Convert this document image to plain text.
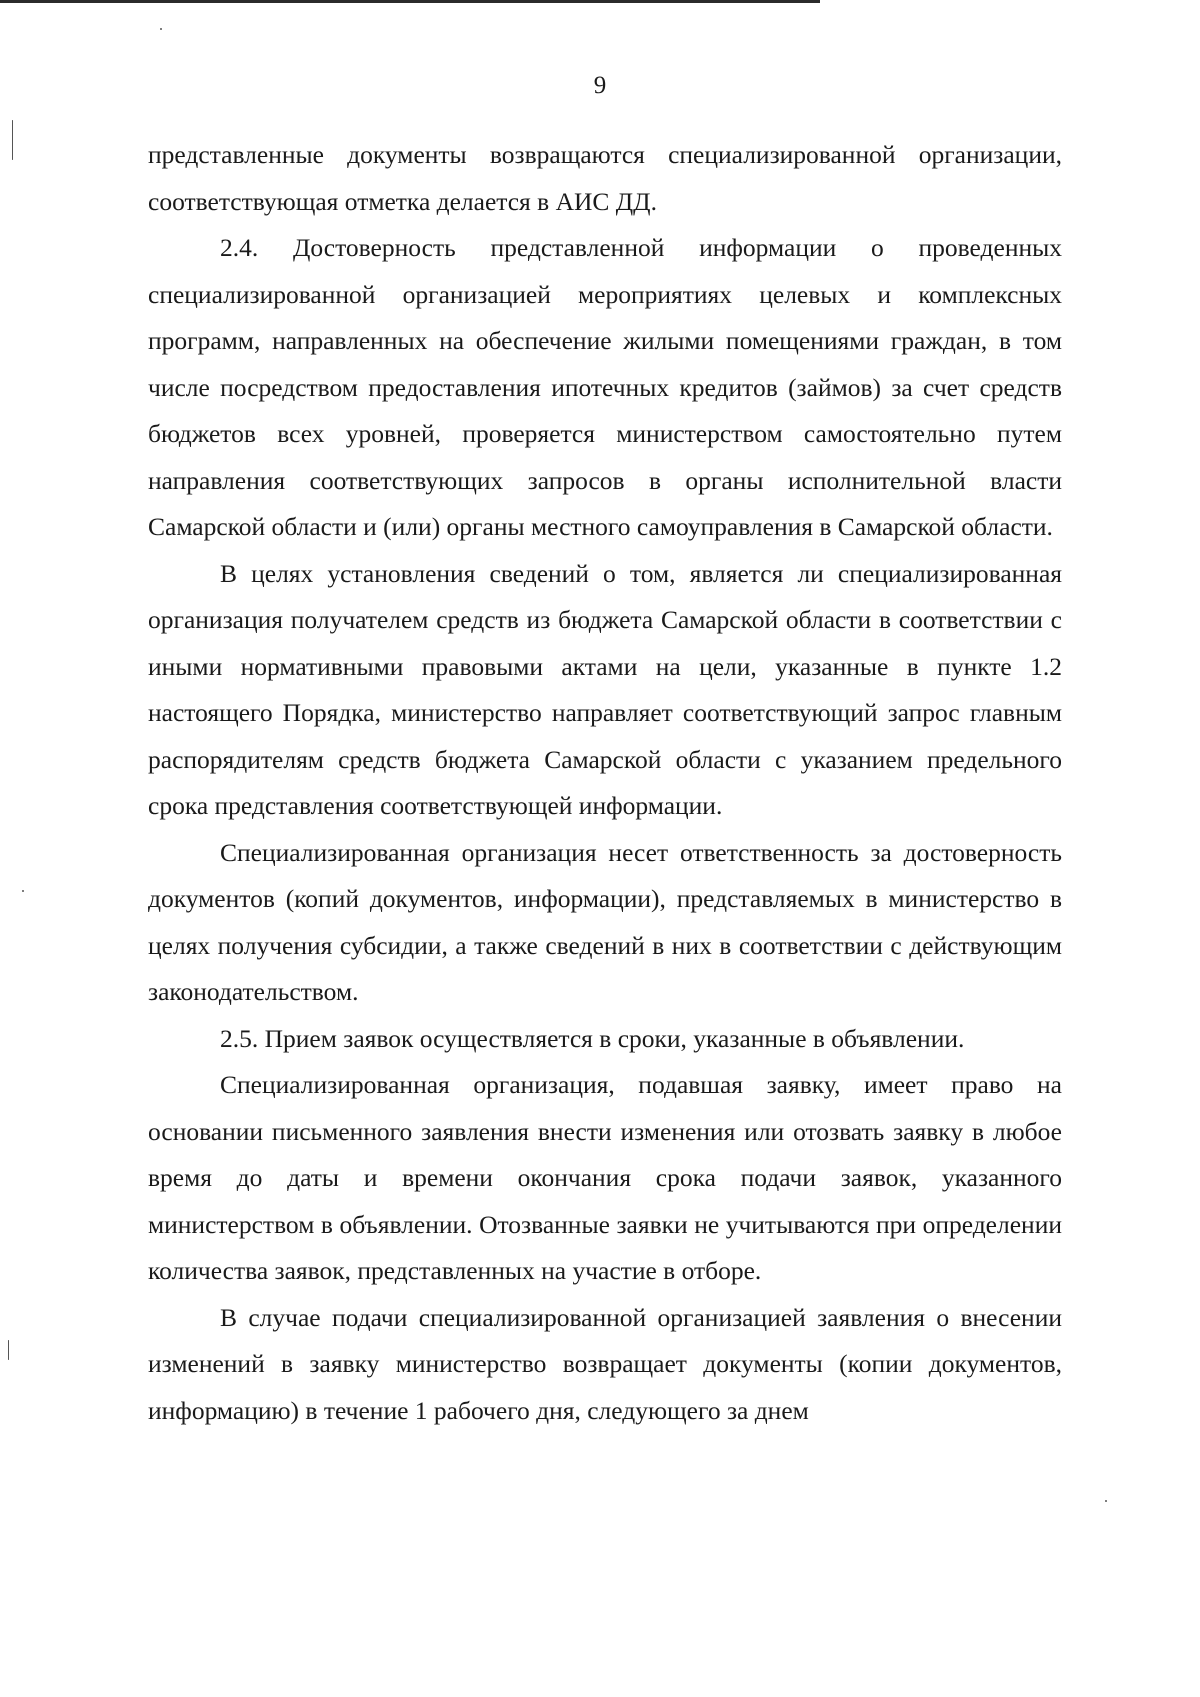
9

представленные документы возвращаются специализированной организации, соответствующая отметка делается в АИС ДД.

2.4. Достоверность представленной информации о проведенных специализированной организацией мероприятиях целевых и комплексных программ, направленных на обеспечение жилыми помещениями граждан, в том числе посредством предоставления ипотечных кредитов (займов) за счет средств бюджетов всех уровней, проверяется министерством самостоятельно путем направления соответствующих запросов в органы исполнительной власти Самарской области и (или) органы местного самоуправления в Самарской области.

В целях установления сведений о том, является ли специализированная организация получателем средств из бюджета Самарской области в соответствии с иными нормативными правовыми актами на цели, указанные в пункте 1.2 настоящего Порядка, министерство направляет соответствующий запрос главным распорядителям средств бюджета Самарской области с указанием предельного срока представления соответствующей информации.

Специализированная организация несет ответственность за достоверность документов (копий документов, информации), представляемых в министерство в целях получения субсидии, а также сведений в них в соответствии с действующим законодательством.

2.5. Прием заявок осуществляется в сроки, указанные в объявлении.

Специализированная организация, подавшая заявку, имеет право на основании письменного заявления внести изменения или отозвать заявку в любое время до даты и времени окончания срока подачи заявок, указанного министерством в объявлении. Отозванные заявки не учитываются при определении количества заявок, представленных на участие в отборе.

В случае подачи специализированной организацией заявления о внесении изменений в заявку министерство возвращает документы (копии документов, информацию) в течение 1 рабочего дня, следующего за днем
